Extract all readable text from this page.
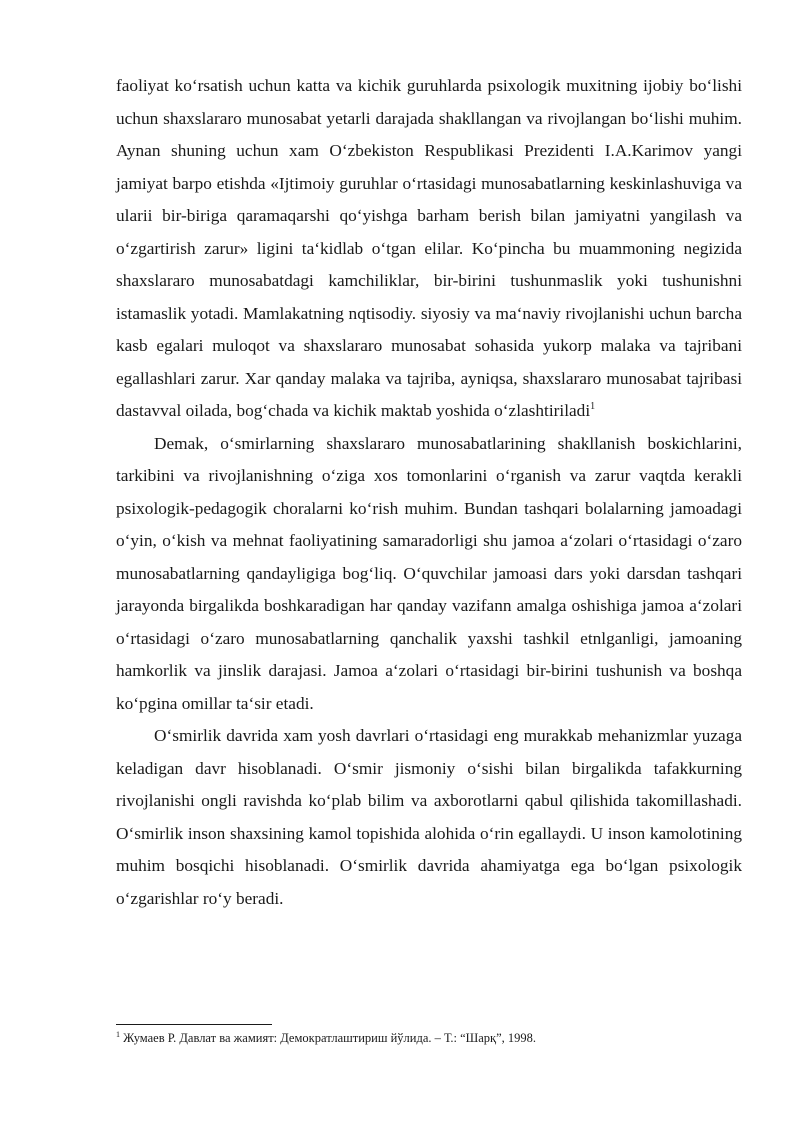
faoliyat ko‘rsatish uchun katta va kichik guruhlarda psixologik muxitning ijobiy bo‘lishi uchun shaxslararo munosabat yetarli darajada shakllangan va rivojlangan bo‘lishi muhim. Aynan shuning uchun xam O‘zbekiston Respublikasi Prezidenti I.A.Karimov yangi jamiyat barpo etishda «Ijtimoiy guruhlar o‘rtasidagi munosabatlarning keskinlashuviga va ularii bir-biriga qaramaqarshi qo‘yishga barham berish bilan jamiyatni yangilash va o‘zgartirish zarur» ligini ta‘kidlab o‘tgan elilar. Ko‘pincha bu muammoning negizida shaxslararo munosabatdagi kamchiliklar, bir-birini tushunmaslik yoki tushunishni istamaslik yotadi. Mamlakatning nqtisodiy. siyosiy va ma‘naviy rivojlanishi uchun barcha kasb egalari muloqot va shaxslararo munosabat sohasida yukorp malaka va tajribani egallashlari zarur. Xar qanday malaka va tajriba, ayniqsa, shaxslararo munosabat tajribasi dastavval oilada, bog‘chada va kichik maktab yoshida o‘zlashtiriladi$^1$

Demak, o‘smirlarning shaxslararo munosabatlarining shakllanish boskichlarini, tarkibini va rivojlanishning o‘ziga xos tomonlarini o‘rganish va zarur vaqtda kerakli psixologik-pedagogik choralarni ko‘rish muhim. Bundan tashqari bolalarning jamoadagi o‘yin, o‘kish va mehnat faoliyatining samaradorligi shu jamoa a‘zolari o‘rtasidagi o‘zaro munosabatlarning qandayligiga bog‘liq. O‘quvchilar jamoasi dars yoki darsdan tashqari jarayonda birgalikda boshkaradigan har qanday vazifann amalga oshishiga jamoa a‘zolari o‘rtasidagi o‘zaro munosabatlarning qanchalik yaxshi tashkil etnlganligi, jamoaning hamkorlik va jinslik darajasi. Jamoa a‘zolari o‘rtasidagi bir-birini tushunish va boshqa ko‘pgina omillar ta‘sir etadi.

O‘smirlik davrida xam yosh davrlari o‘rtasidagi eng murakkab mehanizmlar yuzaga keladigan davr hisoblanadi. O‘smir jismoniy o‘sishi bilan birgalikda tafakkurning rivojlanishi ongli ravishda ko‘plab bilim va axborotlarni qabul qilishida takomillashadi. O‘smirlik inson shaxsining kamol topishida alohida o‘rin egallaydi. U inson kamolotining muhim bosqichi hisoblanadi. O‘smirlik davrida ahamiyatga ega bo‘lgan psixologik o‘zgarishlar ro‘y beradi.

$^1$ Жумаев Р. Давлат ва жамият: Демократлаштириш йўлида. – Т.: “Шарқ”, 1998.
